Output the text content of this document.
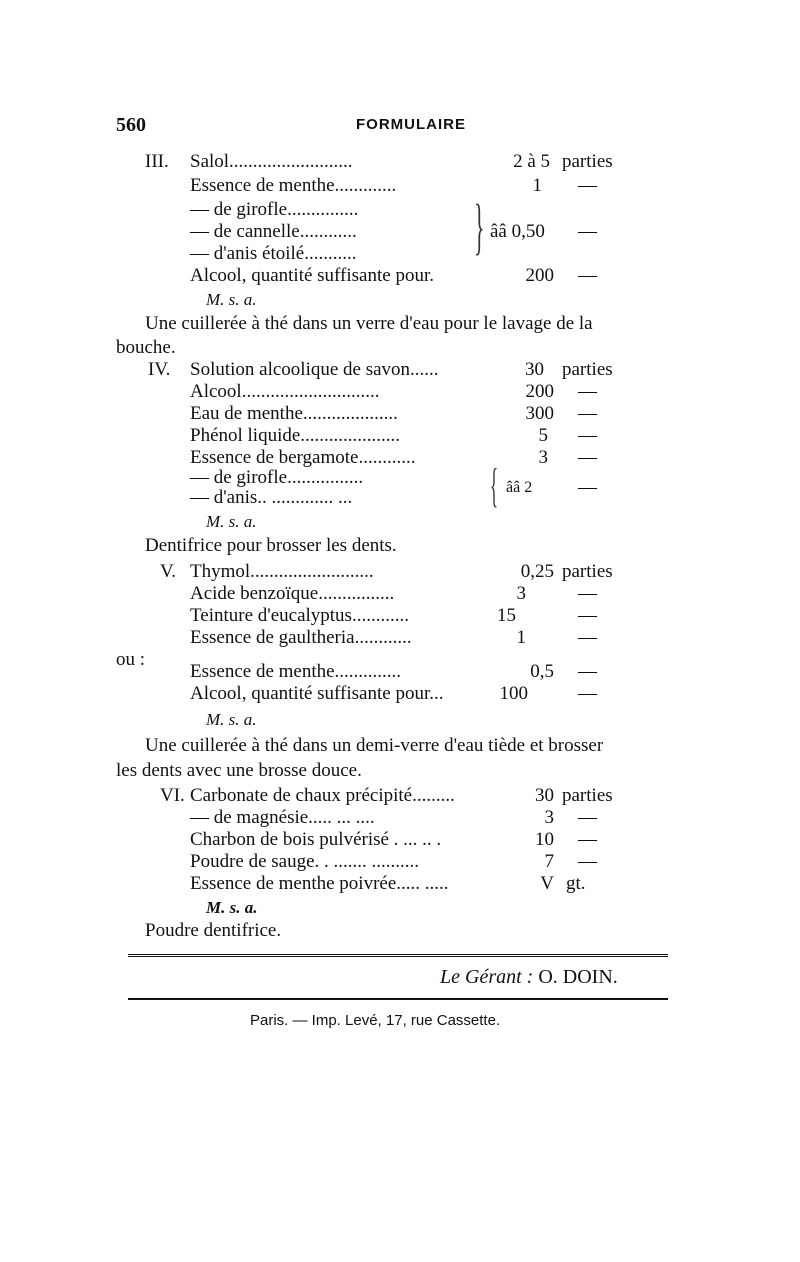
560	FORMULAIRE
III. Salol..........................	2 à 5 parties
Essence de menthe.............	1 —
— de girofle...............
— de cannelle............
— d'anis étoilé........... } ââ 0,50 —
Alcool, quantité suffisante pour.	200 —
M. s. a.
Une cuillerée à thé dans un verre d'eau pour le lavage de la
bouche.
IV. Solution alcoolique de savon......	30 parties
Alcool.............................	200 —
Eau de menthe....................	300 —
Phénol liquide.....................	5 —
Essence de bergamote............	3 —
— de girofle................
— d'anis.. ............. ...	{ ââ 2 —
M. s. a.
Dentifrice pour brosser les dents.
V. Thymol..........................	0,25 parties
Acide benzoïque................	3	—
Teinture d'eucalyptus............	15	—
Essence de gaultheria............	1	—
ou :
Essence de menthe..............	0,5 —
Alcool, quantité suffisante pour...	100	—
M. s. a.
Une cuillerée à thé dans un demi-verre d'eau tiède et brosser
les dents avec une brosse douce.
VI. Carbonate de chaux précipité.........	30 parties
— de magnésie..... ... ....	3 —
Charbon de bois pulvérisé . ... .. .	10 —
Poudre de sauge. . ....... ..........	7 —
Essence de menthe poivrée..... .....	V gt.
M. s. a.
Poudre dentifrice.
Le Gérant : O. DOIN.
Paris. — Imp. Levé, 17, rue Cassette.
